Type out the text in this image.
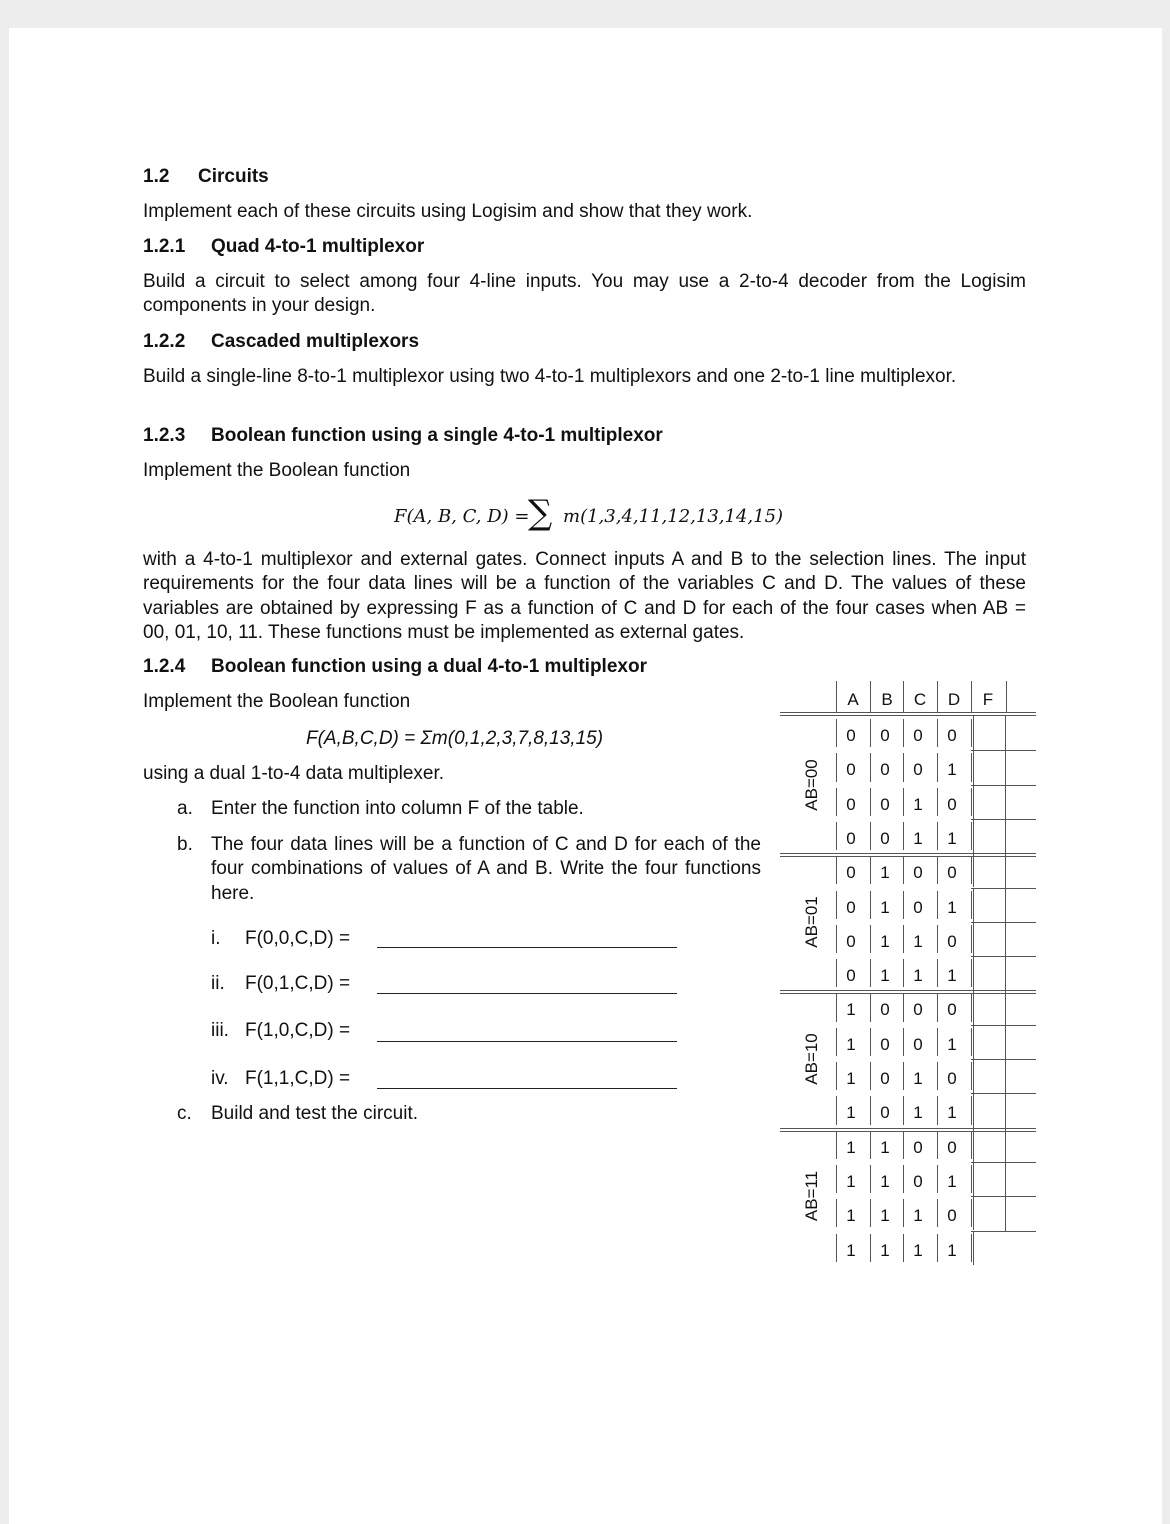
1.2 Circuits
Implement each of these circuits using Logisim and show that they work.
1.2.1 Quad 4-to-1 multiplexor
Build a circuit to select among four 4-line inputs. You may use a 2-to-4 decoder from the Logisim components in your design.
1.2.2 Cascaded multiplexors
Build a single-line 8-to-1 multiplexor using two 4-to-1 multiplexors and one 2-to-1 line multiplexor.
1.2.3 Boolean function using a single 4-to-1 multiplexor
Implement the Boolean function
F(A, B, C, D) =
∑ m(1,3,4,11,12,13,14,15)
with a 4-to-1 multiplexor and external gates. Connect inputs A and B to the selection lines. The input requirements for the four data lines will be a function of the variables C and D. The values of these variables are obtained by expressing F as a function of C and D for each of the four cases when AB = 00, 01, 10, 11. These functions must be implemented as external gates.
1.2.4 Boolean function using a dual 4-to-1 multiplexor
Implement the Boolean function
F(A,B,C,D) = Σm(0,1,2,3,7,8,13,15)
using a dual 1-to-4 data multiplexer.
a. Enter the function into column F of the table.
b. The four data lines will be a function of C and D for each of the four combinations of values of A and B. Write the four functions here.
i. F(0,0,C,D) =
ii. F(0,1,C,D) =
iii. F(1,0,C,D) =
iv. F(1,1,C,D) =
c. Build and test the circuit.
A	B	C	D	F
0	0	0	0
0	0	0	1
0	0	1	0
0	0	1	1
0	1	0	0
0	1	0	1
0	1	1	0
0	1	1	1
1	0	0	0
1	0	0	1
1	0	1	0
1	0	1	1
1	1	0	0
1	1	0	1
1	1	1	0
1	1	1	1
AB=00
AB=01
AB=10
AB=11
